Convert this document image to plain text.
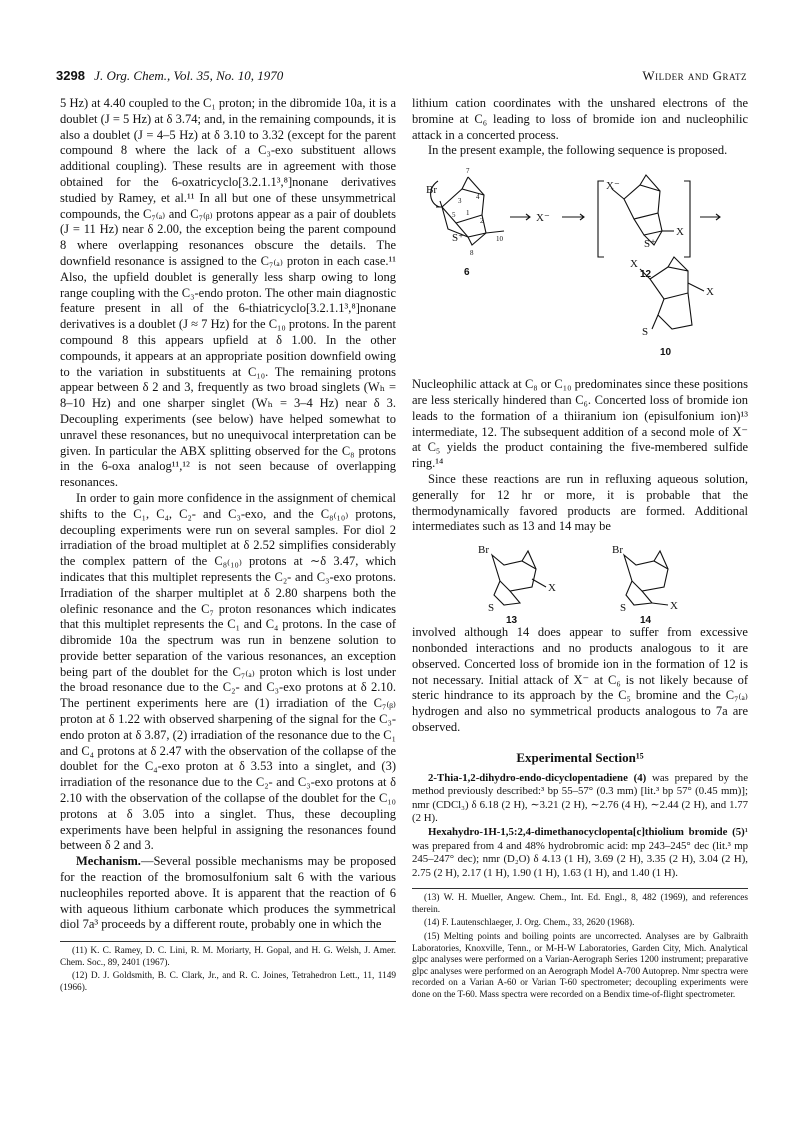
3298 J. Org. Chem., Vol. 35, No. 10, 1970	Wilder and Gratz

5 Hz) at 4.40 coupled to the C₁ proton; in the dibromide 10a, it is a doublet (J = 5 Hz) at δ 3.74; and, in the remaining compounds, it is also a doublet (J = 4–5 Hz) at δ 3.10 to 3.32 (except for the parent compound 8 where the lack of a C₃-exo substituent allows additional coupling). These results are in agreement with those obtained for the 6-oxatricyclo[3.2.1.1³,⁸]nonane derivatives studied by Ramey, et al.¹¹ In all but one of these unsymmetrical compounds, the C₇₍ₐ₎ and C₇₍ᵦ₎ protons appear as a pair of doublets (J = 11 Hz) near δ 2.00, the exception being the parent compound 8 where overlapping resonances obscure the details. The downfield resonance is assigned to the C₇₍ₐ₎ proton in each case.¹¹ Also, the upfield doublet is generally less sharp owing to long range coupling with the C₃-endo proton. The other main diagnostic feature present in all of the 6-thiatricyclo[3.2.1.1³,⁸]nonane derivatives is a doublet (J ≈ 7 Hz) for the C₁₀ protons. In the parent compound 8 this appears upfield at δ 1.00. In the other compounds, it appears at an appropriate position downfield owing to the variation in substituents at C₁₀. The remaining protons appear between δ 2 and 3, frequently as two broad singlets (Wₕ = 8–10 Hz) and one sharper singlet (Wₕ = 3–4 Hz) near δ 3. Decoupling experiments (see below) have helped somewhat to unravel these resonances, but no unequivocal interpretation can be given. In particular the ABX splitting observed for the C₈ protons in the 6-oxa analog¹¹,¹² is not seen because of overlapping resonances.

In order to gain more confidence in the assignment of chemical shifts to the C₁, C₄, C₂- and C₃-exo, and the C₈₍₁₀₎ protons, decoupling experiments were run on several samples. For diol 2 irradiation of the broad multiplet at δ 2.52 simplifies considerably the complex pattern of the C₈₍₁₀₎ protons at ∼δ 3.47, which indicates that this multiplet represents the C₂- and C₃-exo protons. Irradiation of the sharper multiplet at δ 2.80 sharpens both the olefinic resonance and the C₇ proton resonances which indicates that this multiplet represents the C₁ and C₄ protons. In the case of dibromide 10a the spectrum was run in benzene solution to provide better separation of the various resonances, an exception being part of the doublet for the C₇₍ₐ₎ proton which is lost under the broad resonance due to the C₂- and C₃-exo protons at δ 2.10. The pertinent experiments here are (1) irradiation of the C₇₍ᵦ₎ proton at δ 1.22 with observed sharpening of the signal for the C₃-endo proton at δ 3.87, (2) irradiation of the resonance due to the C₁ and C₄ protons at δ 2.47 with the observation of the collapse of the doublet for the C₄-exo proton at δ 3.53 into a singlet, and (3) irradiation of the resonance due to the C₂- and C₃-exo protons at δ 2.10 with the observation of the collapse of the doublet for the C₁₀ protons at δ 3.05 into a singlet. Thus, these decoupling experiments have been helpful in assigning the resonances found between δ 2 and 3.

Mechanism.—Several possible mechanisms may be proposed for the reaction of the bromosulfonium salt 6 with the various nucleophiles reported above. It is apparent that the reaction of 6 with aqueous lithium carbonate which produces the symmetrical diol 7a³ proceeds by a different route, probably one in which the

(11) K. C. Ramey, D. C. Lini, R. M. Moriarty, H. Gopal, and H. G. Welsh, J. Amer. Chem. Soc., 89, 2401 (1967).

(12) D. J. Goldsmith, B. C. Clark, Jr., and R. C. Joines, Tetrahedron Lett., 11, 1149 (1966).

lithium cation coordinates with the unshared electrons of the bromine at C₆ leading to loss of bromide ion and nucleophilic attack in a concerted process.

In the present example, the following sequence is proposed.

Br
7
4
3
1
2
5
10
8
S⁺
X⁻
X⁻
X
S⁺
X
X
S
6	12
10

Nucleophilic attack at C₈ or C₁₀ predominates since these positions are less sterically hindered than C₆. Concerted loss of bromide ion leads to the formation of a thiiranium ion (episulfonium ion)¹³ intermediate, 12. The subsequent addition of a second mole of X⁻ at C₅ yields the product containing the five-membered sulfide ring.¹⁴

Since these reactions are run in refluxing aqueous solution, generally for 12 hr or more, it is probable that the thermodynamically favored products are formed. Additional intermediates such as 13 and 14 may be

Br
X
S
Br
S	X
13	14

involved although 14 does appear to suffer from excessive nonbonded interactions and no products analogous to it are observed. Concerted loss of bromide ion in the formation of 12 is not necessary. Initial attack of X⁻ at C₆ is not likely because of steric hindrance to its approach by the C₅ bromine and the C₇₍ₐ₎ hydrogen and also no symmetrical products analogous to 7a are observed.

Experimental Section¹⁵

2-Thia-1,2-dihydro-endo-dicyclopentadiene (4) was prepared by the method previously described:³ bp 55–57° (0.3 mm) [lit.³ bp 57° (0.45 mm)]; nmr (CDCl₃) δ 6.18 (2 H), ∼3.21 (2 H), ∼2.76 (4 H), ∼2.44 (2 H), and 1.77 (2 H).

Hexahydro-1H-1,5:2,4-dimethanocyclopenta[c]thiolium bromide (5)¹ was prepared from 4 and 48% hydrobromic acid: mp 243–245° dec (lit.³ mp 245–247° dec); nmr (D₂O) δ 4.13 (1 H), 3.69 (2 H), 3.35 (2 H), 3.04 (2 H), 2.75 (2 H), 2.17 (1 H), 1.90 (1 H), 1.63 (1 H), and 1.40 (1 H).

(13) W. H. Mueller, Angew. Chem., Int. Ed. Engl., 8, 482 (1969), and references therein.

(14) F. Lautenschlaeger, J. Org. Chem., 33, 2620 (1968).

(15) Melting points and boiling points are uncorrected. Analyses are by Galbraith Laboratories, Knoxville, Tenn., or M-H-W Laboratories, Garden City, Mich. Analytical glpc analyses were performed on a Varian-Aerograph Series 1200 instrument; preparative glpc analyses were performed on an Aerograph Model A-700 Autoprep. Nmr spectra were recorded on a Varian A-60 or Varian T-60 spectrometer; decoupling experiments were done on the T-60. Mass spectra were recorded on a Bendix time-of-flight spectrometer.
